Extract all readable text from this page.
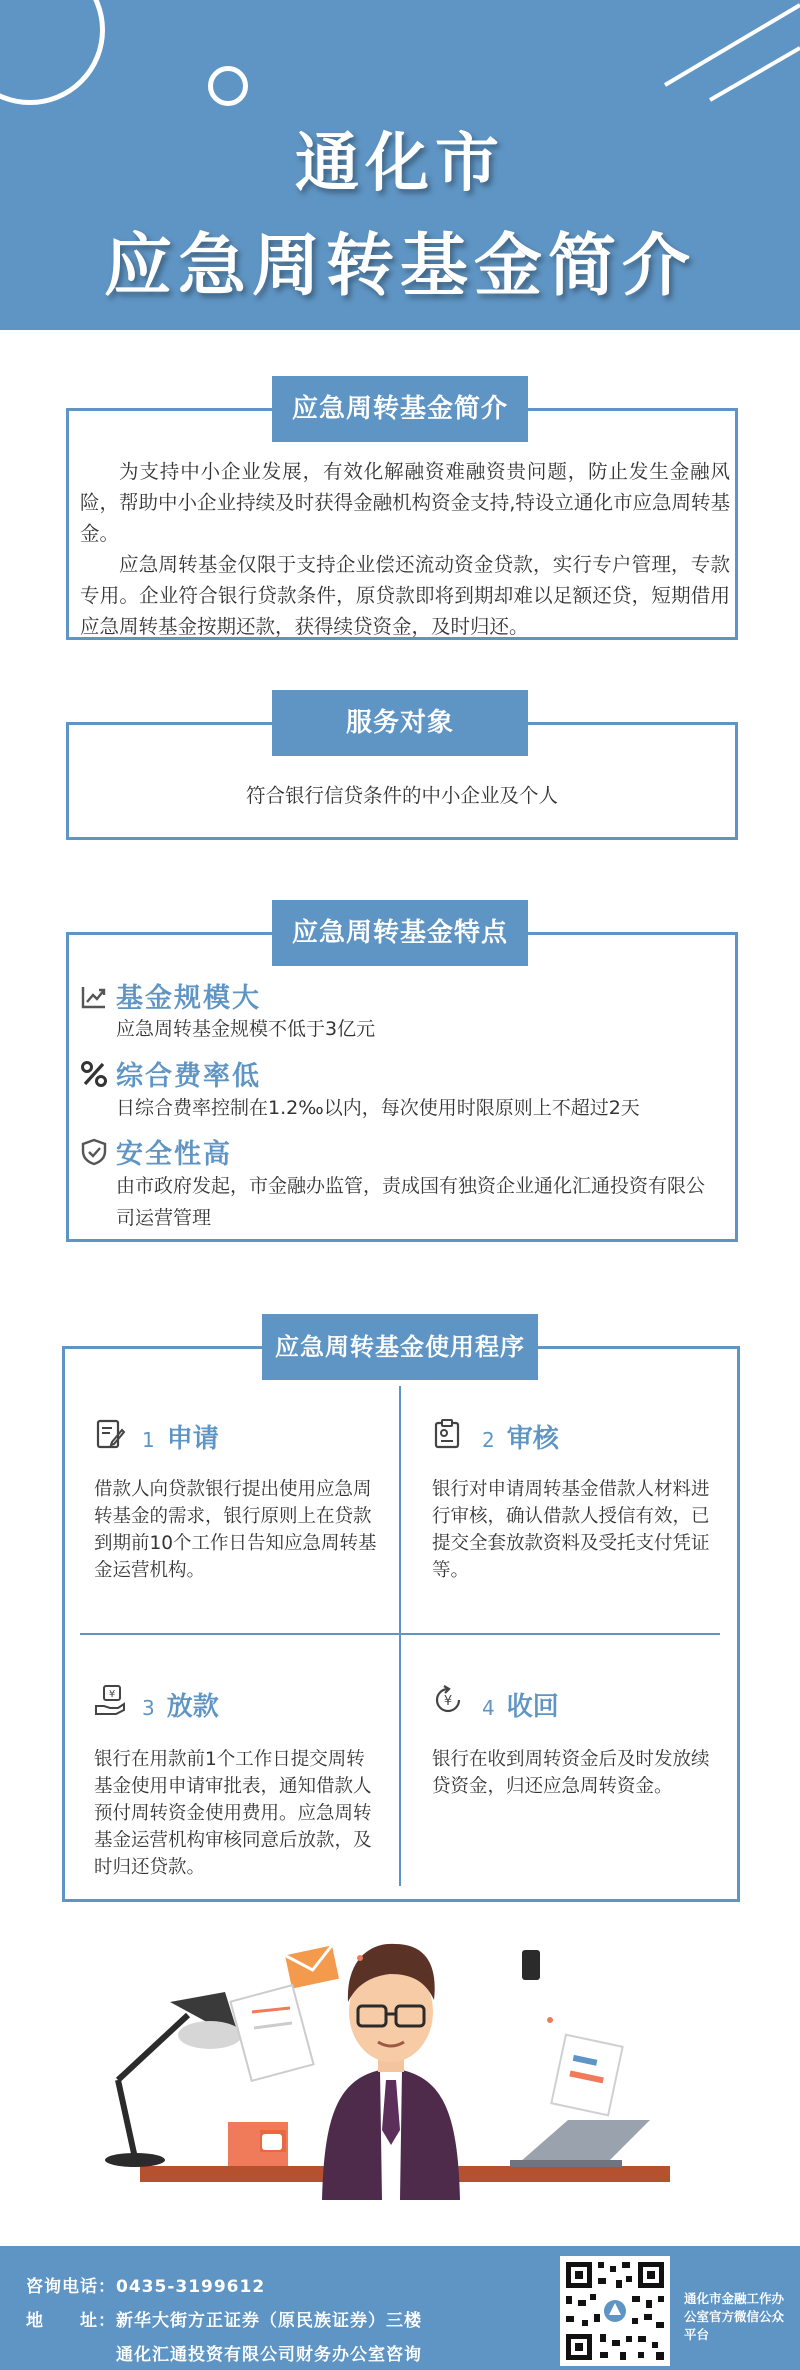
通化市
应急周转基金简介
应急周转基金简介

为支持中小企业发展，有效化解融资难融资贵问题，防止发生金融风险，帮助中小企业持续及时获得金融机构资金支持,特设立通化市应急周转基金。

应急周转基金仅限于支持企业偿还流动资金贷款，实行专户管理，专款专用。企业符合银行贷款条件，原贷款即将到期却难以足额还贷，短期借用应急周转基金按期还款，获得续贷资金，及时归还。

服务对象
符合银行信贷条件的中小企业及个人
应急周转基金特点
基金规模大
应急周转基金规模不低于3亿元
综合费率低
日综合费率控制在1.2‰以内，每次使用时限原则上不超过2天
安全性高
由市政府发起，市金融办监管，责成国有独资企业通化汇通投资有限公司运营管理
应急周转基金使用程序
1 申请
借款人向贷款银行提出使用应急周转基金的需求，银行原则上在贷款到期前10个工作日告知应急周转基金运营机构。
2 审核
银行对申请周转基金借款人材料进行审核，确认借款人授信有效，已提交全套放款资料及受托支付凭证等。
¥
3 放款
银行在用款前1个工作日提交周转基金使用申请审批表，通知借款人预付周转资金使用费用。应急周转基金运营机构审核同意后放款，及时归还贷款。
¥ 4 收回
银行在收到周转资金后及时发放续贷资金，归还应急周转资金。
咨询电话：0435-3199612
地　　址：新华大街方正证券（原民族证券）三楼
通化汇通投资有限公司财务办公室咨询
通化市金融工作办公室官方微信公众平台
